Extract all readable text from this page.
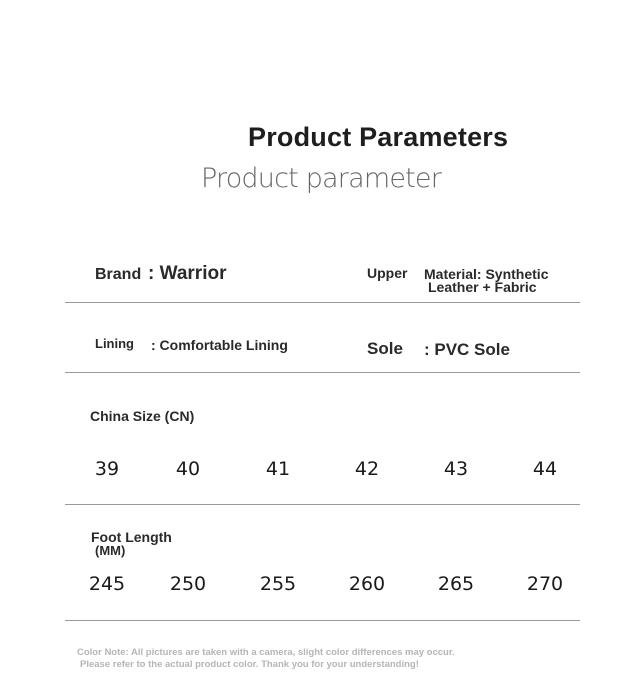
Product Parameters
Product parameter
Brand : Warrior	Upper Material: Synthetic
Leather + Fabric
Lining : Comfortable Lining	Sole : PVC Sole
China Size (CN)
39	40	41	42	43	44
Foot Length
(MM)
245 250	255	260	265	270
Color Note: All pictures are taken with a camera, slight color differences may occur.
Please refer to the actual product color. Thank you for your understanding!
